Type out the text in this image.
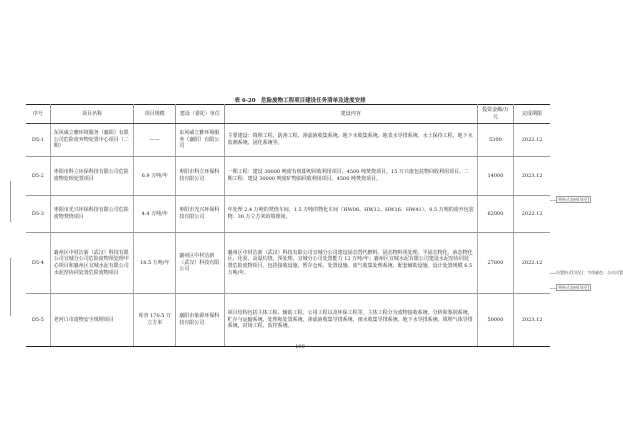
表 6-20　危险废物工程项目建设任务清单及进度安排
序号	项目名称	项目规模	建设（委托）单位	建设内容	投资金额/万元	完成期限
D5-1	东风威立雅环境服务（襄阳）有限公司危险废弃物处置中心项目（二期）	——	东风威立雅环境服务（襄阳）有限公司	主要建设：填埋工程、防渗工程、渗滤液收集系统、地下水收集系统、地表水导排系统、水土保持工程、地下水监测系统、固化系统等。	5300	2022.12
D5-2	枣阳市科立环保科技有限公司危险废物处理处置项目	6.9 万吨/年	枣阳市科立环保科技有限公司	一期工程：建设 30000 吨废有机即初回收利用项目、4500 吨焚烧项目。15 万只废包装物回收利用项目。二期工程：建设 30000 吨废矿物油回收利用项目、4500 吨焚烧项目。	14000	2023.12
D5-3	枣阳市光兴环保科技有限公司危险废物焚烧项目	4.4 万吨/年	枣阳市光兴环保科技有限公司	年处理 2.4 万吨的焚烧车间，1.5 万吨的物化车间（HW06、HW12、HW16、HW41）、0.5 万吨的废弃包装物、30 万立方米的填埋场。	62000	2022.12
D5-4	襄州区中材洁新（武汉）科技有限公司宜城分公司危险废物预处理中心项目和襄州区宜城水泥有限公司水泥窑协同处置危险废物项目	18.5 万吨/年	襄州区中材洁新（武汉）科技有限公司	襄州区中材洁新（武汉）科技有限公司宜城分公司建设固态替代燃料、固态物料预处理、半固态物化、液态物化区、化验、高温灼烧、预处理、宜城分公司处置能力 12 万吨/年；襄州区宜城水泥有限公司建设水泥窑协同处置危险废物项目，包括接收设施、暂存仓库、处置设施、废气收集处理系统、配套辅助设施，设计处置规模 6.5 万吨/年。	27800	2022.12
D5-5	老河口市废物安全填埋项目	库容 170.5 万立方米	襄阳市象源环保科技有限公司	项目结构包括主体工程、辅助工程、公用工程以及环保工程等。主体工程分为废物接收系统、分析和鉴别系统、贮存与运输系统、处理和处置系统、渗滤液收集导排系统、雨水收集导排系统、地下水导排系统、填埋气体导排系统、封场工程、监控系统。	50000	2023.12
带格式表格[刘尼]
设置格式[刘尼]：字体颜色：自动设置
带格式表格[刘尼]
199
